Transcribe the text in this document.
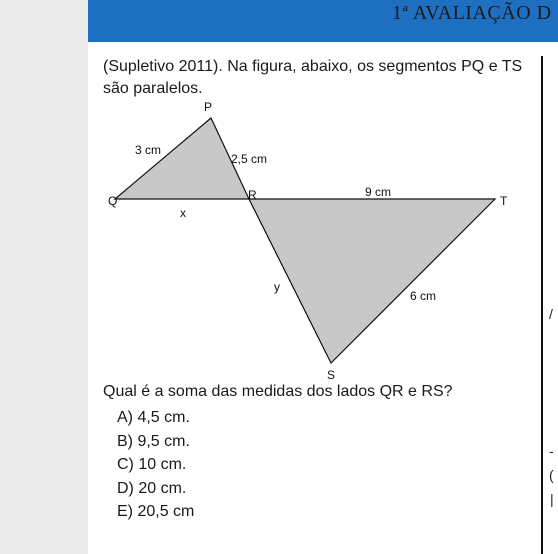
1ª AVALIAÇÃO D
/
-
(
|
(Supletivo 2011). Na figura, abaixo, os segmentos PQ e TS são paralelos.
P
Q	R	T
S
3 cm
2,5 cm
9 cm
x
y
6 cm
Qual é a soma das medidas dos lados QR e RS?
A) 4,5 cm.
B) 9,5 cm.
C) 10 cm.
D) 20 cm.
E) 20,5 cm
